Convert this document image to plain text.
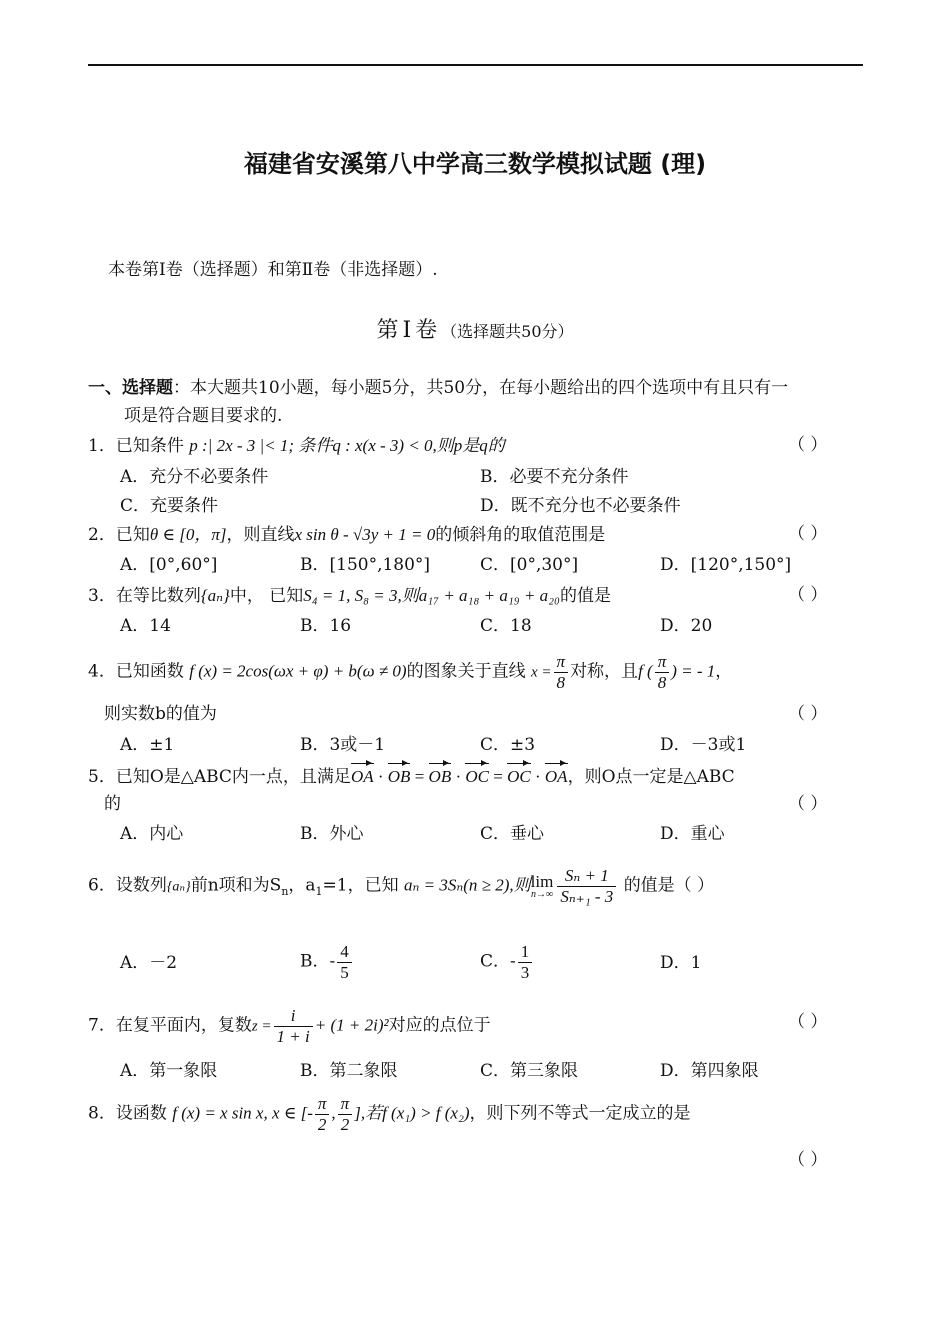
福建省安溪第八中学高三数学模拟试题 (理)
本卷第Ⅰ卷（选择题）和第Ⅱ卷（非选择题）.
第Ⅰ卷（选择题共50分）
一、选择题：本大题共10小题，每小题5分，共50分，在每小题给出的四个选项中有且只有一
项是符合题目要求的.
1．已知条件 p :| 2x - 3 |< 1; 条件q : x(x - 3) < 0,则p是q的	（ ）
A．充分不必要条件	B．必要不充分条件
C．充要条件	D．既不充分也不必要条件
2．已知θ ∈ [0，π]，则直线x sin θ - √3y + 1 = 0的倾斜角的取值范围是	（ ）
A．[0°,60°]	B．[150°,180°]	C．[0°,30°]	D．[120°,150°]
3．在等比数列{aₙ}中， 已知S₄ = 1, S₈ = 3,则a₁₇ + a₁₈ + a₁₉ + a₂₀的值是	（ ）
A．14	B．16	C．18	D．20
4．已知函数 f (x) = 2cos(ωx + φ) + b(ω ≠ 0)的图象关于直线 $x = \frac{\pi}{8}$ 对称，且f ( $\frac{\pi}{8}$ ) = - 1，
则实数b的值为	（ ）
A．±1	B．3或－1	C．±3	D．－3或1
5．已知O是△ABC内一点，且满足OA · OB = OB · OC = OC · OA，则O点一定是△ABC
的	（ ）
A．内心	B．外心	C．垂心	D．重心
6．设数列{aₙ}前n项和为$S_n$，$a_1=1$，已知 aₙ = 3Sₙ(n ≥ 2),则 lim
$n\to\infty \frac{\text{Sₙ + 1}}{\text{Sₙ₊₁ - 3}}$ 的值是（ ）
A．－2	B．- $\frac{4}{5}$	C．- $\frac{1}{3}$	D．1
7．在复平面内，复数$z = \frac{i}{1 + i} + (1 + 2i)^2$对应的点位于	（ ）
A．第一象限	B．第二象限	C．第三象限	D．第四象限
8．设函数 f (x) = x sin x, x ∈ [- $\frac{\pi}{2}$ , $\frac{\pi}{2}$ ],若f (x₁) > f (x₂)，则下列不等式一定成立的是
（ ）
